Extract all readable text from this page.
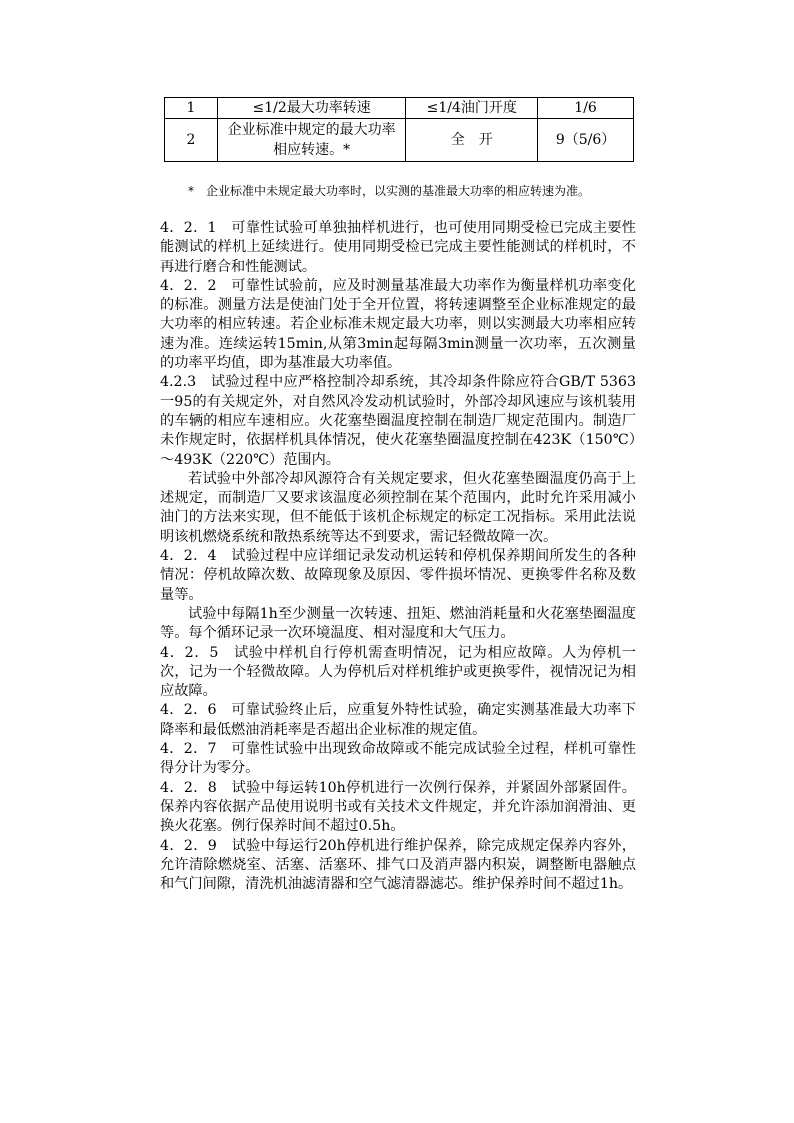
1	≤1/2最大功率转速	≤1/4油门开度	1/6
2	企业标准中规定的最大功率相应转速。*	全　开	9（5/6）
*　企业标准中未规定最大功率时，以实测的基准最大功率的相应转速为准。

4．2．1　可靠性试验可单独抽样机进行，也可使用同期受检已完成主要性能测试的样机上延续进行。使用同期受检已完成主要性能测试的样机时，不再进行磨合和性能测试。

4．2．2　可靠性试验前，应及时测量基准最大功率作为衡量样机功率变化的标准。测量方法是使油门处于全开位置，将转速调整至企业标准规定的最大功率的相应转速。若企业标准未规定最大功率，则以实测最大功率相应转速为准。连续运转15min,从第3min起每隔3min测量一次功率，五次测量的功率平均值，即为基准最大功率值。

4.2.3　试验过程中应严格控制冷却系统，其冷却条件除应符合GB/T 5363一95的有关规定外，对自然风冷发动机试验时，外部冷却风速应与该机装用的车辆的相应车速相应。火花塞垫圈温度控制在制造厂规定范围内。制造厂未作规定时，依据样机具体情况，使火花塞垫圈温度控制在423K（150℃）～493K（220℃）范围内。

若试验中外部冷却风源符合有关规定要求，但火花塞垫圈温度仍高于上述规定，而制造厂又要求该温度必须控制在某个范围内，此时允许采用减小油门的方法来实现，但不能低于该机企标规定的标定工况指标。采用此法说明该机燃烧系统和散热系统等达不到要求，需记轻微故障一次。

4．2．4　试验过程中应详细记录发动机运转和停机保养期间所发生的各种情况：停机故障次数、故障现象及原因、零件损坏情况、更换零件名称及数量等。

试验中每隔1h至少测量一次转速、扭矩、燃油消耗量和火花塞垫圈温度等。每个循环记录一次环境温度、相对湿度和大气压力。

4．2．5　试验中样机自行停机需查明情况，记为相应故障。人为停机一次，记为一个轻微故障。人为停机后对样机维护或更换零件，视情况记为相应故障。

4．2．6　可靠试验终止后，应重复外特性试验，确定实测基准最大功率下降率和最低燃油消耗率是否超出企业标准的规定值。

4．2．7　可靠性试验中出现致命故障或不能完成试验全过程，样机可靠性得分计为零分。

4．2．8　试验中每运转10h停机进行一次例行保养，并紧固外部紧固件。保养内容依据产品使用说明书或有关技术文件规定，并允许添加润滑油、更换火花塞。例行保养时间不超过0.5h。

4．2．9　试验中每运行20h停机进行维护保养，除完成规定保养内容外，允许清除燃烧室、活塞、活塞环、排气口及消声器内积炭，调整断电器触点和气门间隙，清洗机油滤清器和空气滤清器滤芯。维护保养时间不超过1h。
